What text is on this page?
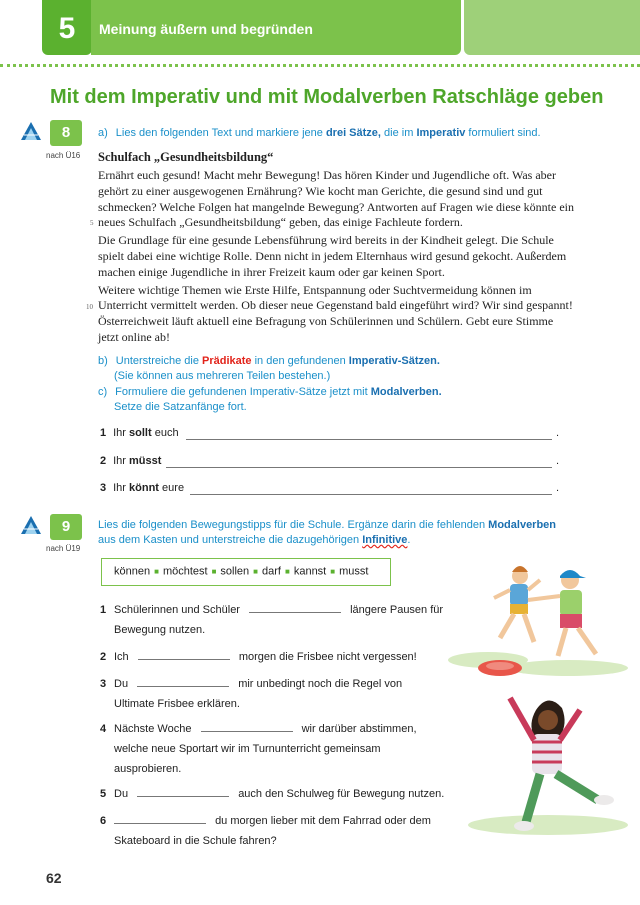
5	Meinung äußern und begründen
Mit dem Imperativ und mit Modalverben Ratschläge geben
8
nach Ü16
a) Lies den folgenden Text und markiere jene drei Sätze, die im Imperativ formuliert sind.
Schulfach „Gesundheitsbildung“

Ernährt euch gesund! Macht mehr Bewegung! Das hören Kinder und Jugendliche oft. Was aber gehört zu einer ausgewogenen Ernährung? Wie kocht man Gerichte, die gesund sind und gut schmecken? Welche Folgen hat mangelnde Bewegung? Antworten auf Fragen wie diese könnte ein neues Schulfach „Gesundheitsbildung“ geben, das einige Fachleute fordern.

Die Grundlage für eine gesunde Lebensführung wird bereits in der Kindheit gelegt. Die Schule spielt dabei eine wichtige Rolle. Denn nicht in jedem Elternhaus wird gesund gekocht. Außerdem machen einige Jugendliche in ihrer Freizeit kaum oder gar keinen Sport.

Weitere wichtige Themen wie Erste Hilfe, Entspannung oder Suchtvermeidung können im Unterricht vermittelt werden. Ob dieser neue Gegenstand bald eingeführt wird? Wir sind gespannt! Österreichweit läuft aktuell eine Befragung von Schülerinnen und Schülern. Gebt eure Stimme jetzt online ab!

5
10
b) Unterstreiche die Prädikate in den gefundenen Imperativ-Sätzen.
(Sie können aus mehreren Teilen bestehen.)
c) Formuliere die gefundenen Imperativ-Sätze jetzt mit Modalverben.
Setze die Satzanfänge fort.
1 Ihr sollt euch	.
2 Ihr müsst	.
3 Ihr könnt eure	.
9
nach Ü19
Lies die folgenden Bewegungstipps für die Schule. Ergänze darin die fehlenden Modalverben
aus dem Kasten und unterstreiche die dazugehörigen Infinitive.
können ■ möchtest ■ sollen ■ darf ■ kannst ■ musst
1 Schülerinnen und Schüler	längere Pausen für
Bewegung nutzen.
2 Ich	morgen die Frisbee nicht vergessen!
3 Du	mir unbedingt noch die Regel von
Ultimate Frisbee erklären.
4 Nächste Woche	wir darüber abstimmen,
welche neue Sportart wir im Turnunterricht gemeinsam
ausprobieren.
5 Du	auch den Schulweg für Bewegung nutzen.
6	du morgen lieber mit dem Fahrrad oder dem
Skateboard in die Schule fahren?
62
